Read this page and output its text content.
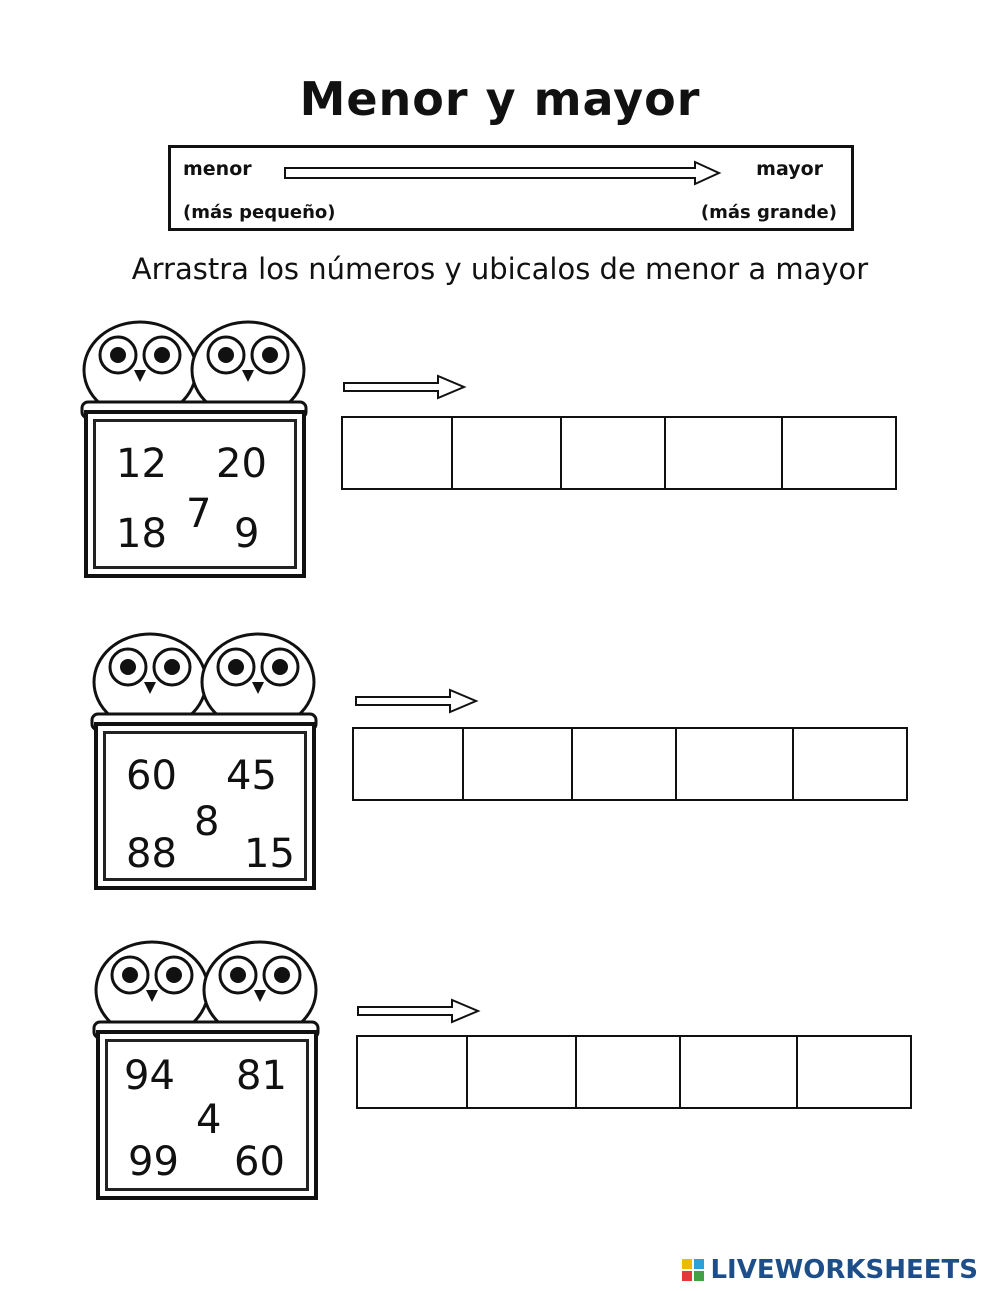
Menor y mayor
menor	mayor
(más pequeño)	(más grande)
Arrastra los números y ubicalos de menor a mayor
12 20
7
18 9
60 45
8
88 15
94 81
4
99 60
LIVEWORKSHEETS
